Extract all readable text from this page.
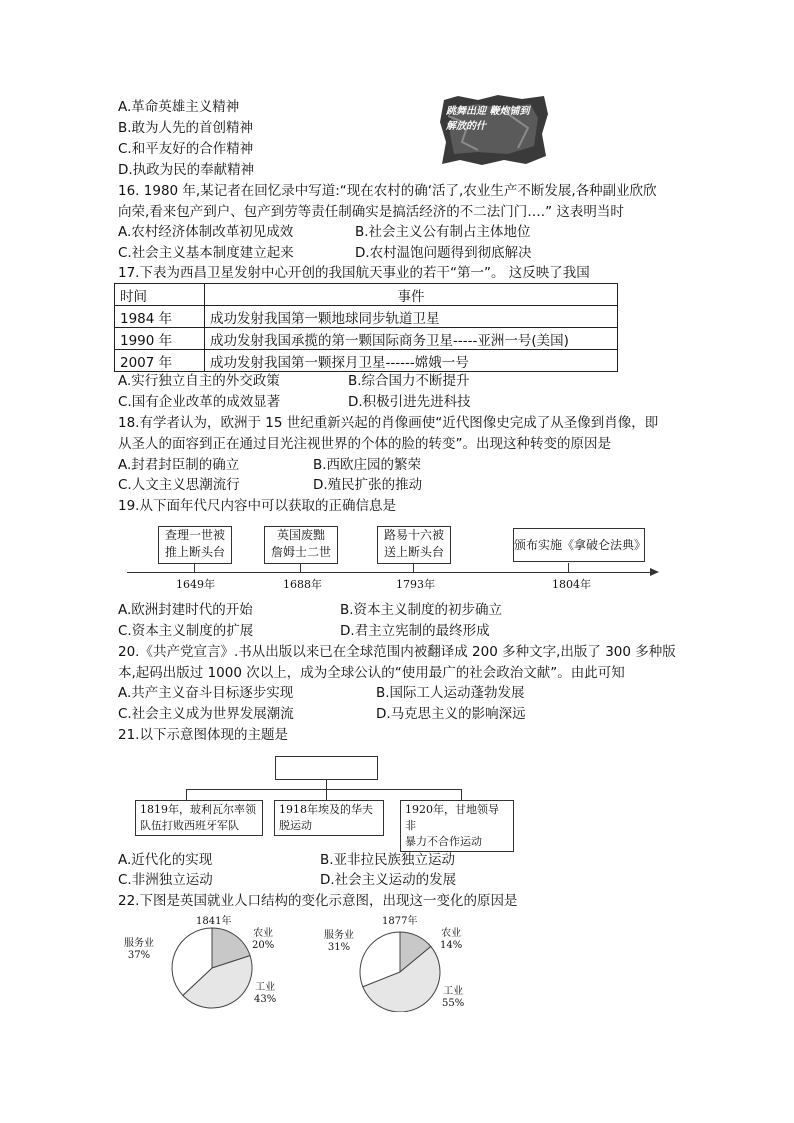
A.革命英雄主义精神
B.敢为人先的首创精神
C.和平友好的合作精神
D.执政为民的奉献精神
跳舞出迎 鞭炮铺到 解放的什
16. 1980 年,某记者在回忆录中写道:“现在农村的确‘活了,农业生产不断发展,各种副业欣欣
向荣,看来包产到户、包产到劳等责任制确实是搞活经济的不二法门门….” 这表明当时
A.农村经济体制改革初见成效	B.社会主义公有制占主体地位
C.社会主义基本制度建立起来	D.农村温饱问题得到彻底解决
17.下表为西昌卫星发射中心开创的我国航天事业的若干“第一”。 这反映了我国
时间	事件
1984 年	成功发射我国第一颗地球同步轨道卫星
1990 年	成功发射我国承揽的第一颗国际商务卫星-----亚洲一号(美国)
2007 年	成功发射我国第一颗探月卫星------嫦娥一号
A.实行独立自主的外交政策	B.综合国力不断提升
C.国有企业改革的成效显著	D.积极引进先进科技
18.有学者认为，欧洲于 15 世纪重新兴起的肖像画使“近代图像史完成了从圣像到肖像，即
从圣人的面容到正在通过目光注视世界的个体的脸的转变”。出现这种转变的原因是
A.封君封臣制的确立	B.西欧庄园的繁荣
C.人文主义思潮流行	D.殖民扩张的推动
19.从下面年代尺内容中可以获取的正确信息是
查理一世被
推上断头台
1649年
英国废黜
詹姆士二世
1688年
路易十六被
送上断头台
1793年
颁布实施《拿破仑法典》
1804年
A.欧洲封建时代的开始	B.资本主义制度的初步确立
C.资本主义制度的扩展	D.君主立宪制的最终形成
20.《共产党宣言》.书从出版以来已在全球范围内被翻译成 200 多种文字,出版了 300 多种版
本,起码出版过 1000 次以上，成为全球公认的“使用最广的社会政治文献”。由此可知
A.共产主义奋斗目标逐步实现	B.国际工人运动蓬勃发展
C.社会主义成为世界发展潮流	D.马克思主义的影响深远
21.以下示意图体现的主题是
1819年，玻利瓦尔率领
队伍打败西班牙军队
1918年埃及的华夫
脱运动
1920年，甘地领导非
暴力不合作运动
A.近代化的实现	B.亚非拉民族独立运动
C.非洲独立运动	D.社会主义运动的发展
22.下图是英国就业人口结构的变化示意图，出现这一变化的原因是
1841年
服务业
37%
农业
20%
工业
43%
1877年
服务业
31%
农业
14%
工业
55%
